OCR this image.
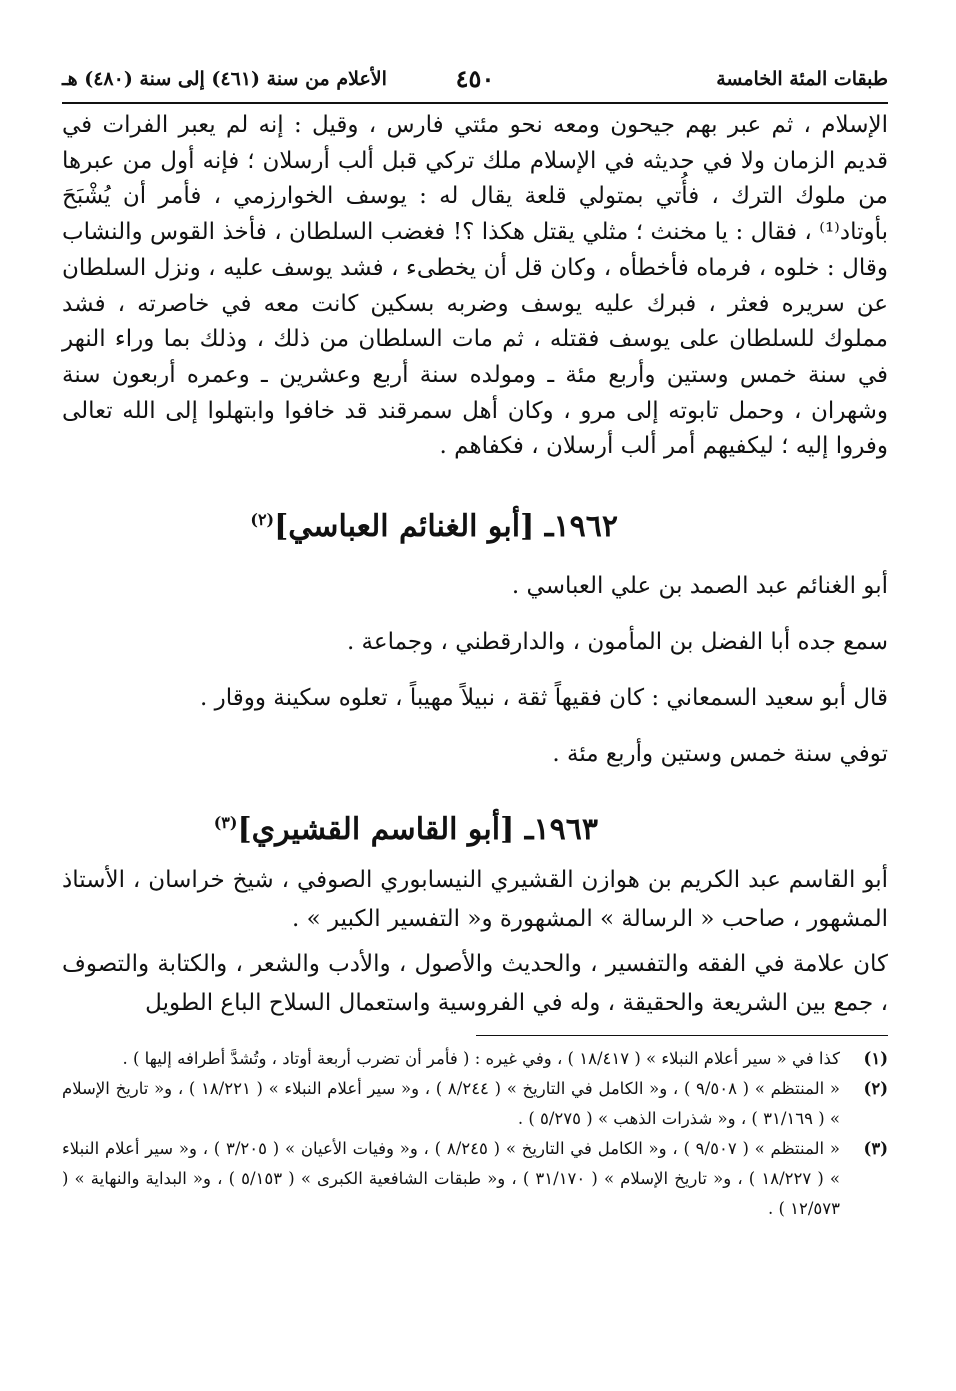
طبقات المئة الخامسة
٤٥٠
الأعلام من سنة (٤٦١) إلى سنة (٤٨٠) هـ

الإسلام ، ثم عبر بهم جيحون ومعه نحو مئتي فارس ، وقيل : إنه لم يعبر الفرات في قديم الزمان ولا في حديثه في الإسلام ملك تركي قبل ألب أرسلان ؛ فإنه أول من عبرها من ملوك الترك ، فأُتي بمتولي قلعة يقال له : يوسف الخوارزمي ، فأمر أن يُشْبَحَ بأوتاد⁽¹⁾ ، فقال : يا مخنث ؛ مثلي يقتل هكذا ؟! فغضب السلطان ، فأخذ القوس والنشاب وقال : خلوه ، فرماه فأخطأه ، وكان قل أن يخطىء ، فشد يوسف عليه ، ونزل السلطان عن سريره فعثر ، فبرك عليه يوسف وضربه بسكين كانت معه في خاصرته ، فشد مملوك للسلطان على يوسف فقتله ، ثم مات السلطان من ذلك ، وذلك بما وراء النهر في سنة خمس وستين وأربع مئة ـ ومولده سنة أربع وعشرين ـ وعمره أربعون سنة وشهران ، وحمل تابوته إلى مرو ، وكان أهل سمرقند قد خافوا وابتهلوا إلى الله تعالى وفروا إليه ؛ ليكفيهم أمر ألب أرسلان ، فكفاهم .

١٩٦٢ـ [أبو الغنائم العباسي]$^{(٢)}$

أبو الغنائم عبد الصمد بن علي العباسي .

سمع جده أبا الفضل بن المأمون ، والدارقطني ، وجماعة .

قال أبو سعيد السمعاني : كان فقيهاً ثقة ، نبيلاً مهيباً ، تعلوه سكينة ووقار .

توفي سنة خمس وستين وأربع مئة .

١٩٦٣ـ [أبو القاسم القشيري]$^{(٣)}$

أبو القاسم عبد الكريم بن هوازن القشيري النيسابوري الصوفي ، شيخ خراسان ، الأستاذ المشهور ، صاحب « الرسالة » المشهورة و« التفسير الكبير » .

كان علامة في الفقه والتفسير ، والحديث والأصول ، والأدب والشعر ، والكتابة والتصوف ، جمع بين الشريعة والحقيقة ، وله في الفروسية واستعمال السلاح الباع الطويل

(١)
كذا في « سير أعلام النبلاء » ( ١٨/٤١٧ ) ، وفي غيره : ( فأمر أن تضرب أربعة أوتاد ، وتُشدَّ أطرافه إليها ) .
(٢)
« المنتظم » ( ٩/٥٠٨ ) ، و« الكامل في التاريخ » ( ٨/٢٤٤ ) ، و« سير أعلام النبلاء » ( ١٨/٢٢١ ) ، و« تاريخ الإسلام » ( ٣١/١٦٩ ) ، و« شذرات الذهب » ( ٥/٢٧٥ ) .
(٣)
« المنتظم » ( ٩/٥٠٧ ) ، و« الكامل في التاريخ » ( ٨/٢٤٥ ) ، و« وفيات الأعيان » ( ٣/٢٠٥ ) ، و« سير أعلام النبلاء » ( ١٨/٢٢٧ ) ، و« تاريخ الإسلام » ( ٣١/١٧٠ ) ، و« طبقات الشافعية الكبرى » ( ٥/١٥٣ ) ، و« البداية والنهاية » ( ١٢/٥٧٣ ) .
